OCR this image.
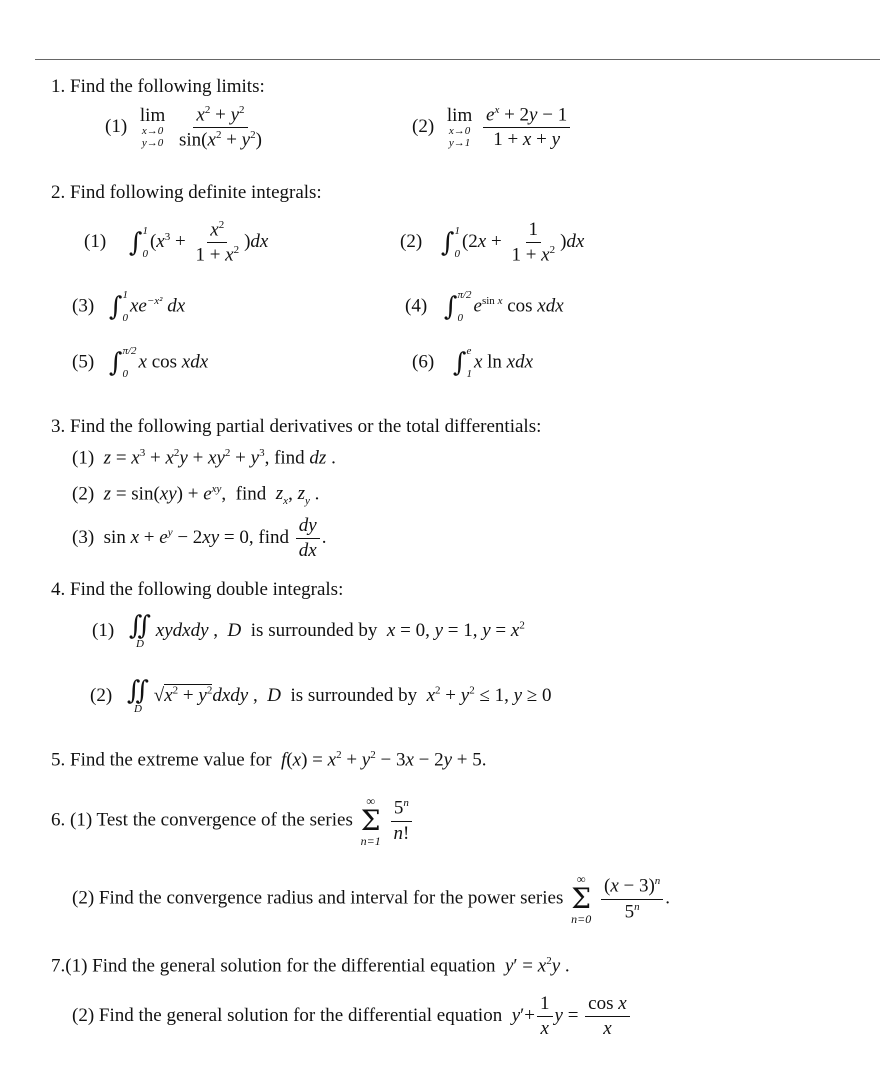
1. Find the following limits:
(1)
lim
x→0
y→0
$\frac{x^2 + y^2}{\sin(x^2 + y^2)}$	(2)
lim
x→0
y→1
$\frac{e^x + 2y - 1}{1 + x + y}$
2. Find following definite integrals:
(1) ∫ 1
0
$(x^3 + \frac{x^2}{1 + x^2} )dx$	(2) ∫ 1
0
$(2x + \frac{1}{1 + x^2} )dx$
(3) ∫ 1
0
$xe^{-x^2}$ dx	(4) ∫ π/2
0
$e^{sin x}$ cos xdx
(5) ∫ π/2
0
x cos xdx	(6) ∫ e
1
x ln xdx
3. Find the following partial derivatives or the total differentials:
(1) $z = x^3 + x^2y + xy^2 + y^3$, find dz .
(2) $z = \sin(xy) + e^{xy}$,  find $z_x$, $z_y$ .
(3)  $\sin x + e^y - 2xy = 0$, find $\frac{dy}{dx}$ .
4. Find the following double integrals:
(1) ∬
D
xydxdy ,  D is surrounded by x = 0, y = 1, $y = x^2$
(2) ∬
D
$√x^2$ + $y^2dxdy$ ,  D is surrounded by $x^2 + y^2 \le 1$, y ≥ 0
5. Find the extreme value for $f(x) = x^2 + y^2 - 3x - 2y + 5$.
6. (1) Test the convergence of the series
∞
Σ
n=1
$\frac{5^n}{n!}$
(2) Find the convergence radius and interval for the power series
∞
Σ
n=0
$\frac{(x - 3)^n}{5^n}$ .
7.(1) Find the general solution for the differential equation $y' = x^2y$ .
(2) Find the general solution for the differential equation $y'+ \frac{1}{x}$ $y = \frac{\text{cos x}}{x}$
